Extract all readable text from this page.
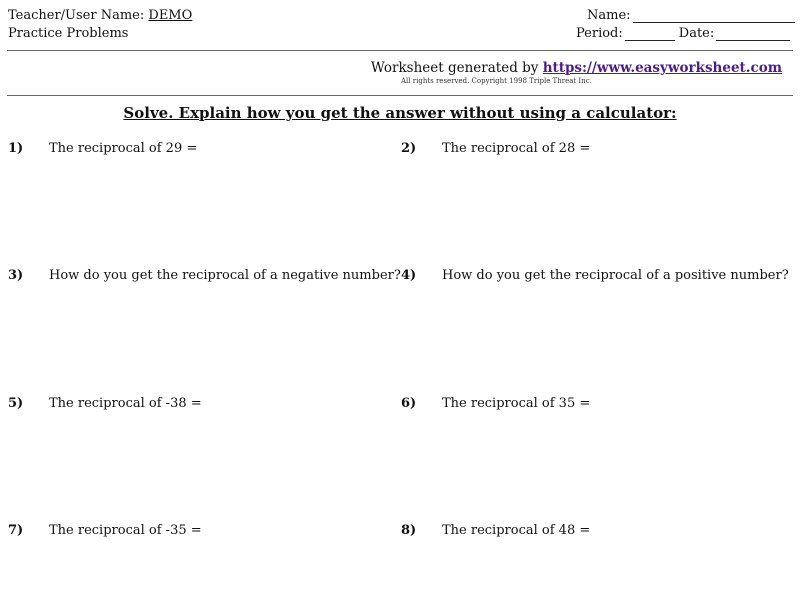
Teacher/User Name: DEMO
Practice Problems
Name:
Period:	Date:
Worksheet generated by https://www.easyworksheet.com
All rights reserved. Copyright 1998 Triple Threat Inc.
Solve. Explain how you get the answer without using a calculator:
1) The reciprocal of 29 =
3) How do you get the reciprocal of a negative number?
5) The reciprocal of -38 =
7) The reciprocal of -35 =
2) The reciprocal of 28 =
4) How do you get the reciprocal of a positive number?
6) The reciprocal of 35 =
8) The reciprocal of 48 =
